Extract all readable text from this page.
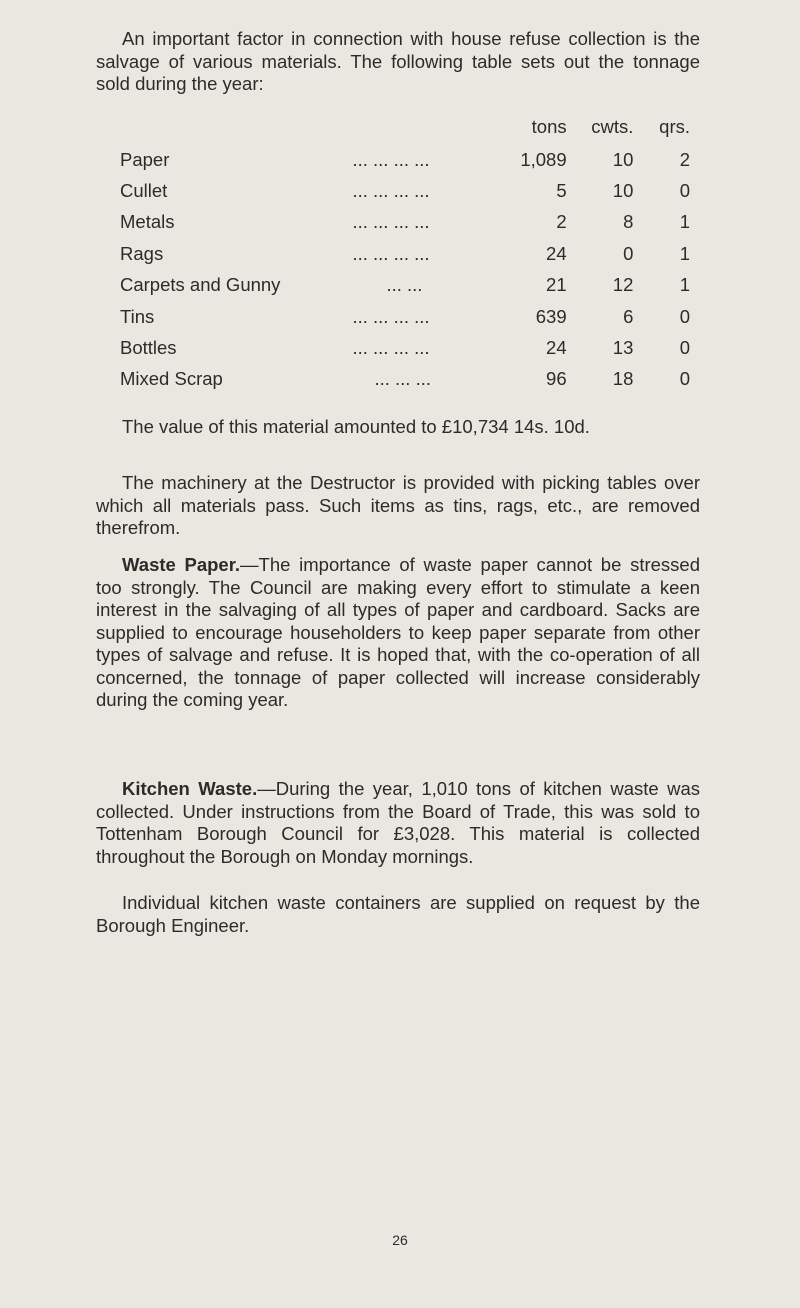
An important factor in connection with house refuse collection is the salvage of various materials. The following table sets out the tonnage sold during the year:

		tons	cwts.	qrs.
Paper	... ... ... ...	1,089	10	2
Cullet	... ... ... ...	5	10	0
Metals	... ... ... ...	2	8	1
Rags	... ... ... ...	24	0	1
Carpets and Gunny	... ...	21	12	1
Tins	... ... ... ...	639	6	0
Bottles	... ... ... ...	24	13	0
Mixed Scrap	... ... ...	96	18	0

The value of this material amounted to £10,734 14s. 10d.

The machinery at the Destructor is provided with picking tables over which all materials pass. Such items as tins, rags, etc., are removed therefrom.

Waste Paper.—The importance of waste paper cannot be stressed too strongly. The Council are making every effort to stimulate a keen interest in the salvaging of all types of paper and cardboard. Sacks are supplied to encourage householders to keep paper separate from other types of salvage and refuse. It is hoped that, with the co-operation of all concerned, the tonnage of paper collected will increase considerably during the coming year.

Kitchen Waste.—During the year, 1,010 tons of kitchen waste was collected. Under instructions from the Board of Trade, this was sold to Tottenham Borough Council for £3,028. This material is collected throughout the Borough on Monday mornings.

Individual kitchen waste containers are supplied on request by the Borough Engineer.

26
